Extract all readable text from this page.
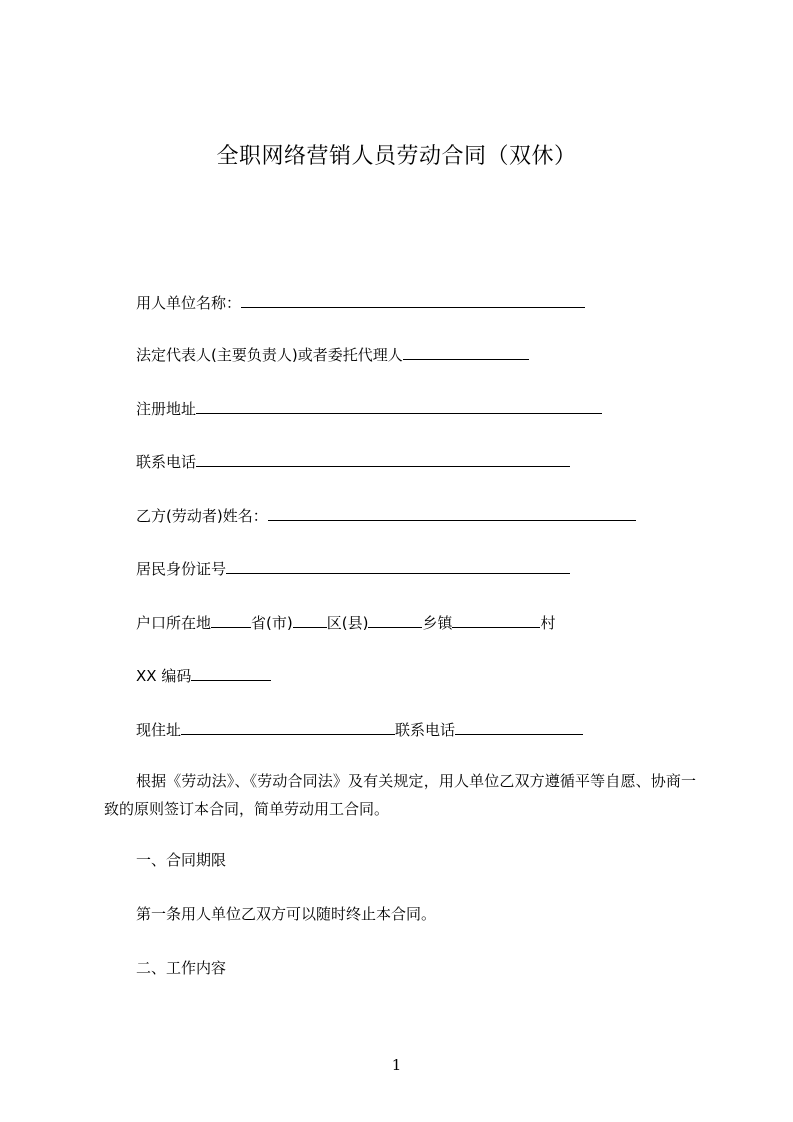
全职网络营销人员劳动合同（双休）
用人单位名称：
法定代表人(主要负责人)或者委托代理人
注册地址
联系电话
乙方(劳动者)姓名：
居民身份证号
户口所在地	省(市) 区(县)	乡镇	村
XX 编码
现住址	联系电话
根据《劳动法》、《劳动合同法》及有关规定，用人单位乙双方遵循平等自愿、协商一致的原则签订本合同，简单劳动用工合同。
一、合同期限
第一条用人单位乙双方可以随时终止本合同。
二、工作内容
1
